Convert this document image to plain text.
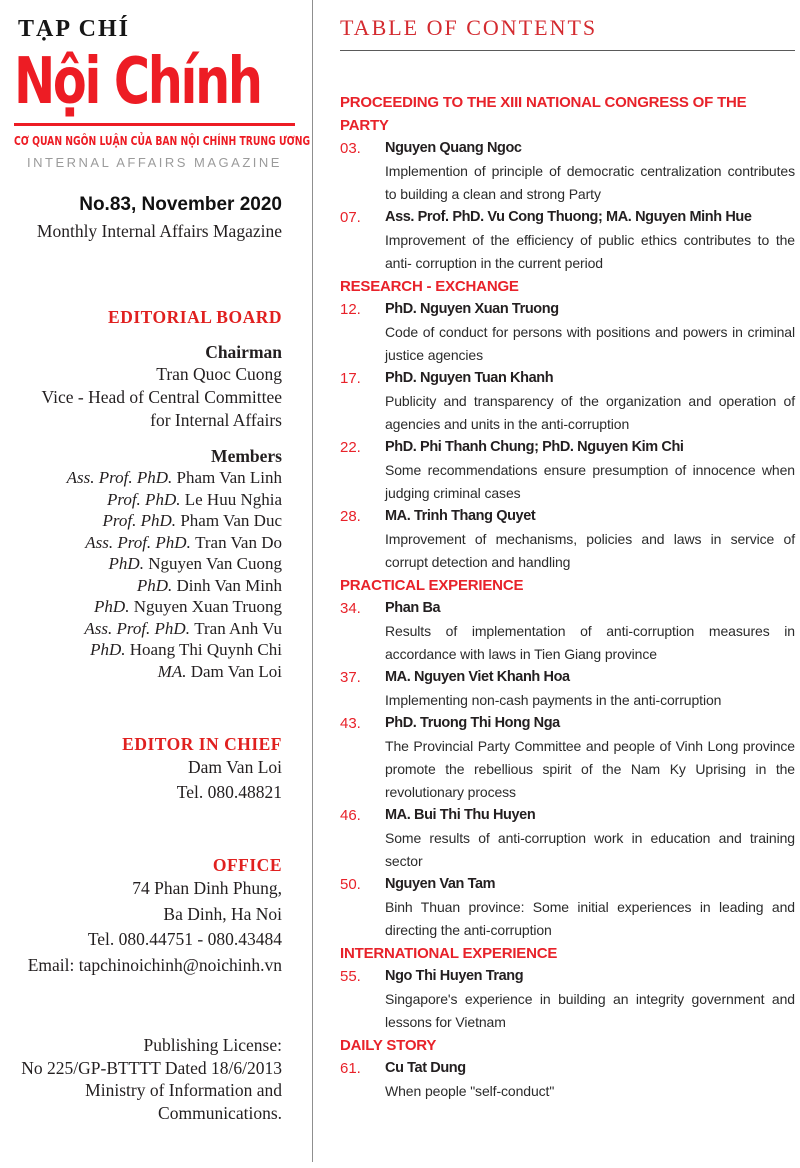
TẠP CHÍ
Nội Chính
CƠ QUAN NGÔN LUẬN CỦA BAN NỘI CHÍNH TRUNG ƯƠNG
INTERNAL AFFAIRS MAGAZINE
No.83, November 2020
Monthly Internal Affairs Magazine
EDITORIAL BOARD
Chairman
Tran Quoc Cuong
Vice - Head of Central Committee
for Internal Affairs
Members
Ass. Prof. PhD. Pham Van Linh
Prof. PhD. Le Huu Nghia
Prof. PhD. Pham Van Duc
Ass. Prof. PhD. Tran Van Do
PhD. Nguyen Van Cuong
PhD. Dinh Van Minh
PhD. Nguyen Xuan Truong
Ass. Prof. PhD. Tran Anh Vu
PhD. Hoang Thi Quynh Chi
MA. Dam Van Loi
EDITOR IN CHIEF
Dam Van Loi
Tel. 080.48821
OFFICE
74 Phan Dinh Phung,
Ba Dinh, Ha Noi
Tel. 080.44751 - 080.43484
Email: tapchinoichinh@noichinh.vn
Publishing License:
No 225/GP-BTTTT Dated 18/6/2013
Ministry of Information and
Communications.
TABLE OF CONTENTS
PROCEEDING TO THE XIII NATIONAL CONGRESS OF THE PARTY
03.	Nguyen Quang Ngoc
Implemention of principle of democratic centralization contributes to building a clean and strong Party
07.	Ass. Prof. PhD. Vu Cong Thuong; MA. Nguyen Minh Hue
Improvement of the efficiency of public ethics contributes to the anti- corruption in the current period
RESEARCH - EXCHANGE
12.	PhD. Nguyen Xuan Truong
Code of conduct for persons with positions and powers in criminal justice agencies
17.	PhD. Nguyen Tuan Khanh
Publicity and transparency of the organization and operation of agencies and units in the anti-corruption
22.	PhD. Phi Thanh Chung; PhD. Nguyen Kim Chi
Some recommendations ensure presumption of innocence when judging criminal cases
28.	MA. Trinh Thang Quyet
Improvement of mechanisms, policies and laws in service of corrupt detection and handling
PRACTICAL EXPERIENCE
34.	Phan Ba
Results of implementation of anti-corruption measures in accordance with laws in Tien Giang province
37.	MA. Nguyen Viet Khanh Hoa
Implementing non-cash payments in the anti-corruption
43.	PhD. Truong Thi Hong Nga
The Provincial Party Committee and people of Vinh Long province promote the rebellious spirit of the Nam Ky Uprising in the revolutionary process
46.	MA. Bui Thi Thu Huyen
Some results of anti-corruption work in education and training sector
50.	Nguyen Van Tam
Binh Thuan province: Some initial experiences in leading and directing the anti-corruption
INTERNATIONAL EXPERIENCE
55.	Ngo Thi Huyen Trang
Singapore's experience in building an integrity government and lessons for Vietnam
DAILY STORY
61.	Cu Tat Dung
When people "self-conduct"
